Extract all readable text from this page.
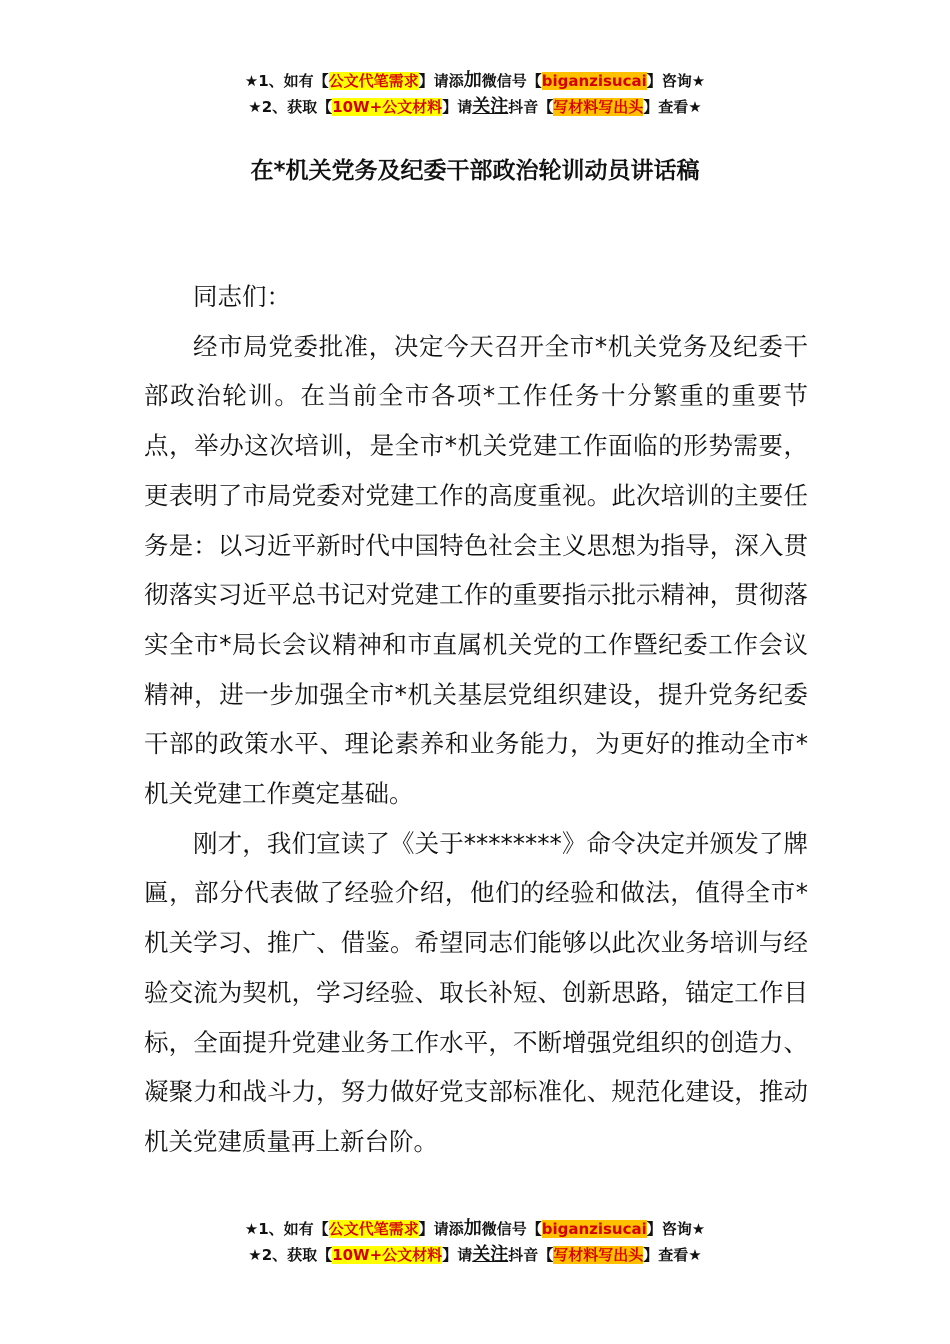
★1、如有【公文代笔需求】请添加微信号【biganzisucai】咨询★
★2、获取【10W+公文材料】请关注抖音【写材料写出头】查看★
在*机关党务及纪委干部政治轮训动员讲话稿

同志们：

经市局党委批准，决定今天召开全市*机关党务及纪委干部政治轮训。在当前全市各项*工作任务十分繁重的重要节点，举办这次培训，是全市*机关党建工作面临的形势需要，更表明了市局党委对党建工作的高度重视。此次培训的主要任务是：以习近平新时代中国特色社会主义思想为指导，深入贯彻落实习近平总书记对党建工作的重要指示批示精神，贯彻落实全市*局长会议精神和市直属机关党的工作暨纪委工作会议精神，进一步加强全市*机关基层党组织建设，提升党务纪委干部的政策水平、理论素养和业务能力，为更好的推动全市*机关党建工作奠定基础。

刚才，我们宣读了《关于********》命令决定并颁发了牌匾，部分代表做了经验介绍，他们的经验和做法，值得全市*机关学习、推广、借鉴。希望同志们能够以此次业务培训与经验交流为契机，学习经验、取长补短、创新思路，锚定工作目标，全面提升党建业务工作水平，不断增强党组织的创造力、凝聚力和战斗力，努力做好党支部标准化、规范化建设，推动机关党建质量再上新台阶。

★1、如有【公文代笔需求】请添加微信号【biganzisucai】咨询★
★2、获取【10W+公文材料】请关注抖音【写材料写出头】查看★
